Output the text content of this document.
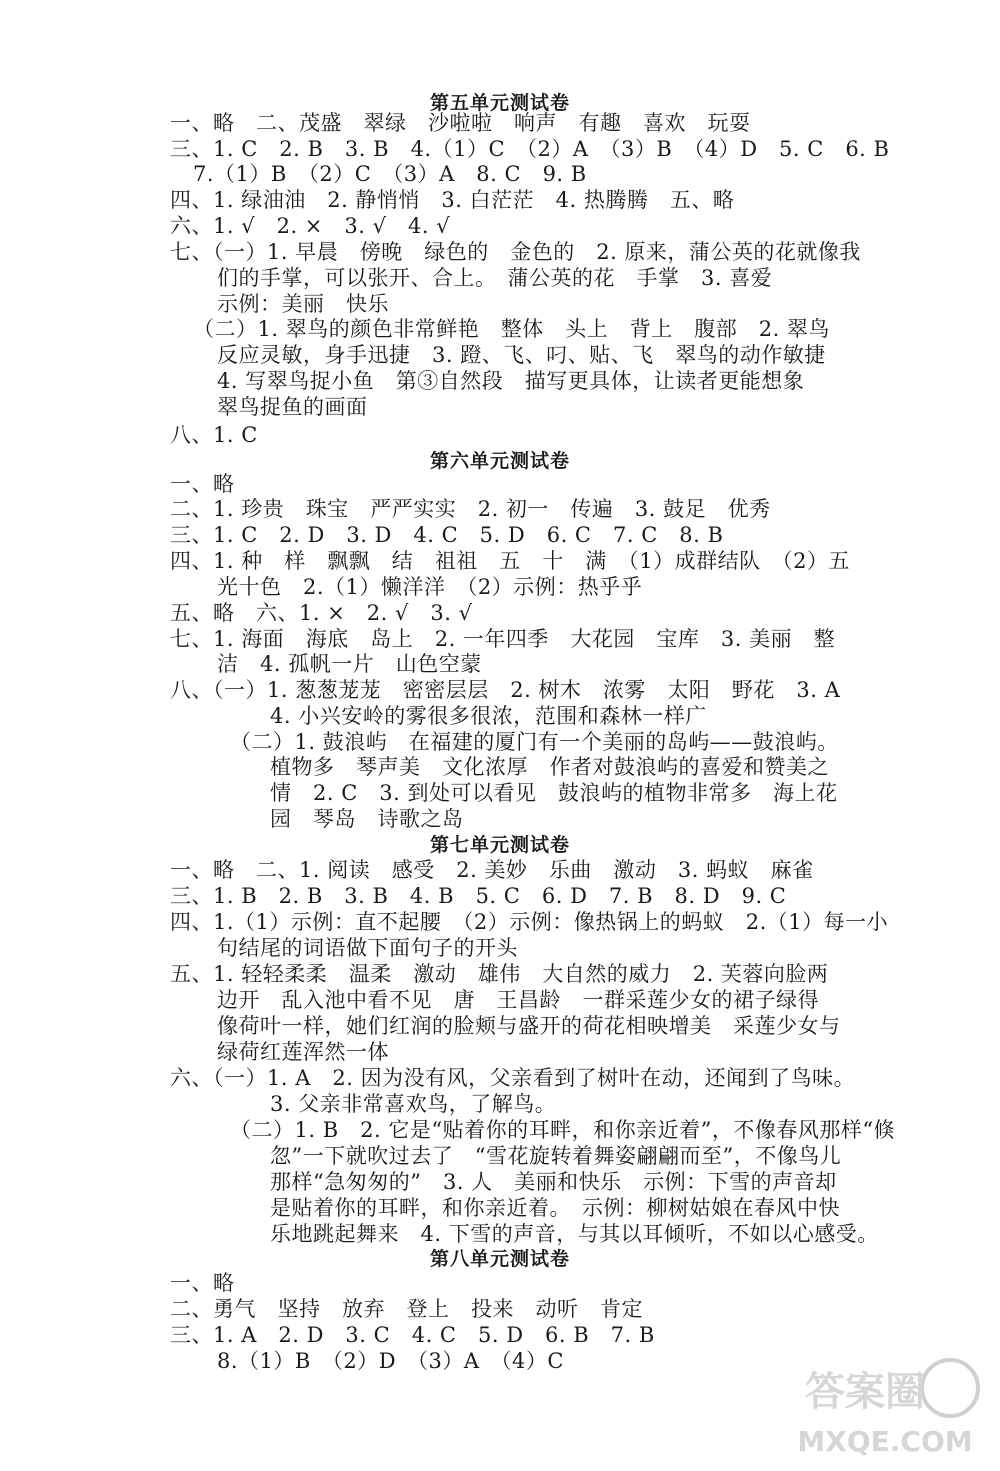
第五单元测试卷
一、略　二、茂盛　翠绿　沙啦啦　响声　有趣　喜欢　玩耍
三、1. C　2. B　3. B　4.（1）C　（2）A　（3）B　（4）D　5. C　6. B
7.（1）B　（2）C　（3）A　8. C　9. B
四、1. 绿油油　2. 静悄悄　3. 白茫茫　4. 热腾腾　五、略
六、1. √　2. ×　3. √　4. √
七、（一）1. 早晨　傍晚　绿色的　金色的　2. 原来，蒲公英的花就像我
们的手掌，可以张开、合上。　蒲公英的花　手掌　3. 喜爱
示例：美丽　快乐
（二）1. 翠鸟的颜色非常鲜艳　整体　头上　背上　腹部　2. 翠鸟
反应灵敏，身手迅捷　3. 蹬、飞、叼、贴、飞　翠鸟的动作敏捷
4. 写翠鸟捉小鱼　第③自然段　描写更具体，让读者更能想象
翠鸟捉鱼的画面
八、1. C
第六单元测试卷
一、略
二、1. 珍贵　珠宝　严严实实　2. 初一　传遍　3. 鼓足　优秀
三、1. C　2. D　3. D　4. C　5. D　6. C　7. C　8. B
四、1. 种　样　飘飘　结　祖祖　五　十　满　（1）成群结队　（2）五
光十色　2.（1）懒洋洋　（2）示例：热乎乎
五、略　六、1. ×　2. √　3. √
七、1. 海面　海底　岛上　2. 一年四季　大花园　宝库　3. 美丽　整
洁　4. 孤帆一片　山色空蒙
八、（一）1. 葱葱茏茏　密密层层　2. 树木　浓雾　太阳　野花　3. A
4. 小兴安岭的雾很多很浓，范围和森林一样广
（二）1. 鼓浪屿　在福建的厦门有一个美丽的岛屿——鼓浪屿。
植物多　琴声美　文化浓厚　作者对鼓浪屿的喜爱和赞美之
情　2. C　3. 到处可以看见　鼓浪屿的植物非常多　海上花
园　琴岛　诗歌之岛
第七单元测试卷
一、略　二、1. 阅读　感受　2. 美妙　乐曲　激动　3. 蚂蚁　麻雀
三、1. B　2. B　3. B　4. B　5. C　6. D　7. B　8. D　9. C
四、1.（1）示例：直不起腰　（2）示例：像热锅上的蚂蚁　2.（1）每一小
句结尾的词语做下面句子的开头
五、1. 轻轻柔柔　温柔　激动　雄伟　大自然的威力　2. 芙蓉向脸两
边开　乱入池中看不见　唐　王昌龄　一群采莲少女的裙子绿得
像荷叶一样，她们红润的脸颊与盛开的荷花相映增美　采莲少女与
绿荷红莲浑然一体
六、（一）1. A　2. 因为没有风，父亲看到了树叶在动，还闻到了鸟味。
3. 父亲非常喜欢鸟，了解鸟。
（二）1. B　2. 它是“贴着你的耳畔，和你亲近着”，不像春风那样“倏
忽”一下就吹过去了　“雪花旋转着舞姿翩翩而至”，不像鸟儿
那样“急匆匆的”　3. 人　美丽和快乐　示例：下雪的声音却
是贴着你的耳畔，和你亲近着。　示例：柳树姑娘在春风中快
乐地跳起舞来　4. 下雪的声音，与其以耳倾听，不如以心感受。
第八单元测试卷
一、略
二、勇气　坚持　放弃　登上　投来　动听　肯定
三、1. A　2. D　3. C　4. C　5. D　6. B　7. B
8.（1）B　（2）D　（3）A　（4）C
答案圈
MXQE.COM
